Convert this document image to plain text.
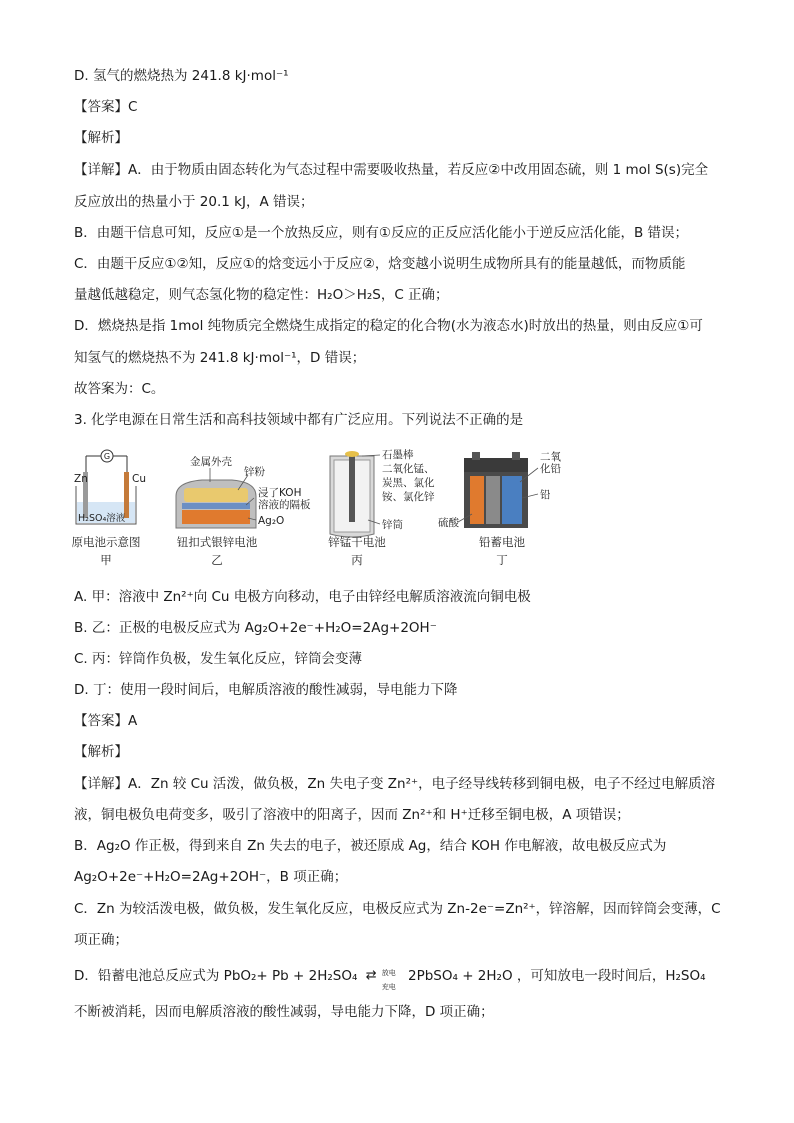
D. 氢气的燃烧热为 241.8 kJ·mol⁻¹
【答案】C
【解析】
【详解】A．由于物质由固态转化为气态过程中需要吸收热量，若反应②中改用固态硫，则 1 mol S(s)完全
反应放出的热量小于 20.1 kJ，A 错误；
B．由题干信息可知，反应①是一个放热反应，则有①反应的正反应活化能小于逆反应活化能，B 错误；
C．由题干反应①②知，反应①的焓变远小于反应②，焓变越小说明生成物所具有的能量越低，而物质能
量越低越稳定，则气态氢化物的稳定性：H₂O＞H₂S，C 正确；
D．燃烧热是指 1mol 纯物质完全燃烧生成指定的稳定的化合物(水为液态水)时放出的热量，则由反应①可
知氢气的燃烧热不为 241.8 kJ·mol⁻¹，D 错误；
故答案为：C。
3. 化学电源在日常生活和高科技领域中都有广泛应用。下列说法不正确的是
G
Zn	Cu
H₂SO₄溶液
原电池示意图
甲
金属外壳
锌粉
浸了KOH
溶液的隔板
Ag₂O
钮扣式银锌电池
乙
石墨棒
二氧化锰、
炭黑、氯化
铵、氯化锌
锌筒
锌锰干电池
丙
二氧
化铅
铅
硫酸
铅蓄电池
丁
A. 甲：溶液中 Zn²⁺向 Cu 电极方向移动，电子由锌经电解质溶液流向铜电极
B. 乙：正极的电极反应式为 Ag₂O+2e⁻+H₂O=2Ag+2OH⁻
C. 丙：锌筒作负极，发生氧化反应，锌筒会变薄
D. 丁：使用一段时间后，电解质溶液的酸性减弱，导电能力下降
【答案】A
【解析】
【详解】A．Zn 较 Cu 活泼，做负极，Zn 失电子变 Zn²⁺，电子经导线转移到铜电极，电子不经过电解质溶
液，铜电极负电荷变多，吸引了溶液中的阳离子，因而 Zn²⁺和 H⁺迁移至铜电极，A 项错误；
B．Ag₂O 作正极，得到来自 Zn 失去的电子，被还原成 Ag，结合 KOH 作电解液，故电极反应式为
Ag₂O+2e⁻+H₂O=2Ag+2OH⁻，B 项正确；
C．Zn 为较活泼电极，做负极，发生氧化反应，电极反应式为 Zn-2e⁻=Zn²⁺，锌溶解，因而锌筒会变薄，C
项正确；
D．铅蓄电池总反应式为 PbO₂+ Pb + 2H₂SO₄	放电
⇄
充电
2PbSO₄ + 2H₂O ，可知放电一段时间后，H₂SO₄
不断被消耗，因而电解质溶液的酸性减弱，导电能力下降，D 项正确；
